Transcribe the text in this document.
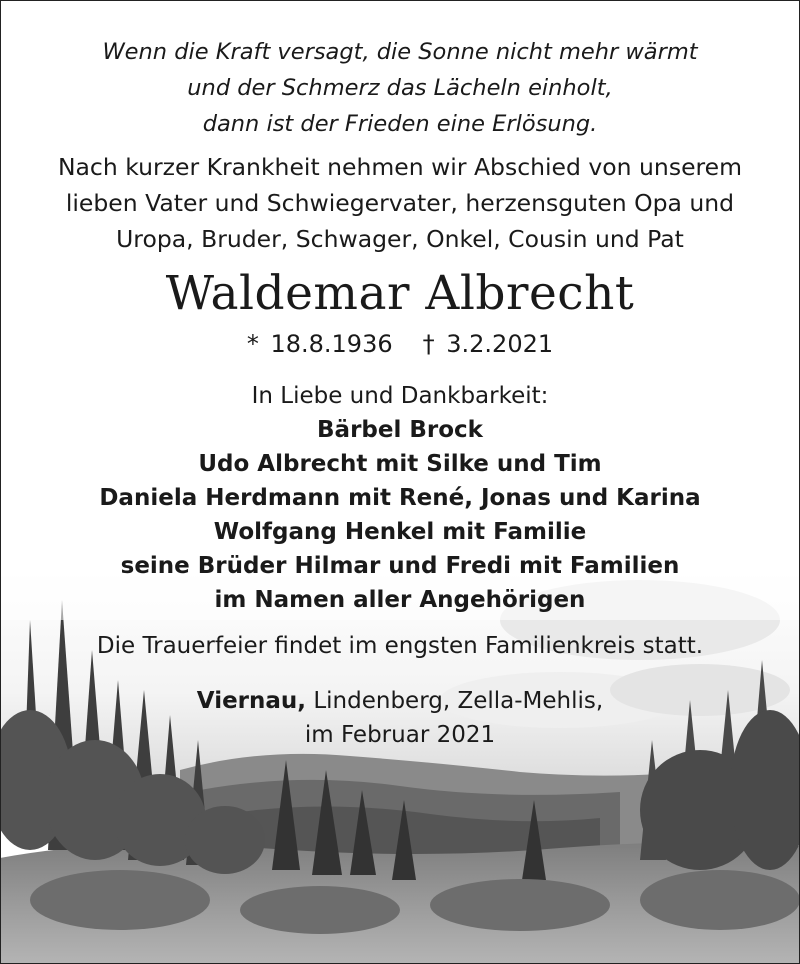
Wenn die Kraft versagt, die Sonne nicht mehr wärmt
und der Schmerz das Lächeln einholt,
dann ist der Frieden eine Erlösung.
Nach kurzer Krankheit nehmen wir Abschied von unserem
lieben Vater und Schwiegervater, herzensguten Opa und
Uropa, Bruder, Schwager, Onkel, Cousin und Pat
Waldemar Albrecht
* 18.8.1936 † 3.2.2021
In Liebe und Dankbarkeit:
Bärbel Brock
Udo Albrecht mit Silke und Tim
Daniela Herdmann mit René, Jonas und Karina
Wolfgang Henkel mit Familie
seine Brüder Hilmar und Fredi mit Familien
im Namen aller Angehörigen
Die Trauerfeier findet im engsten Familienkreis statt.
Viernau, Lindenberg, Zella-Mehlis,
im Februar 2021
